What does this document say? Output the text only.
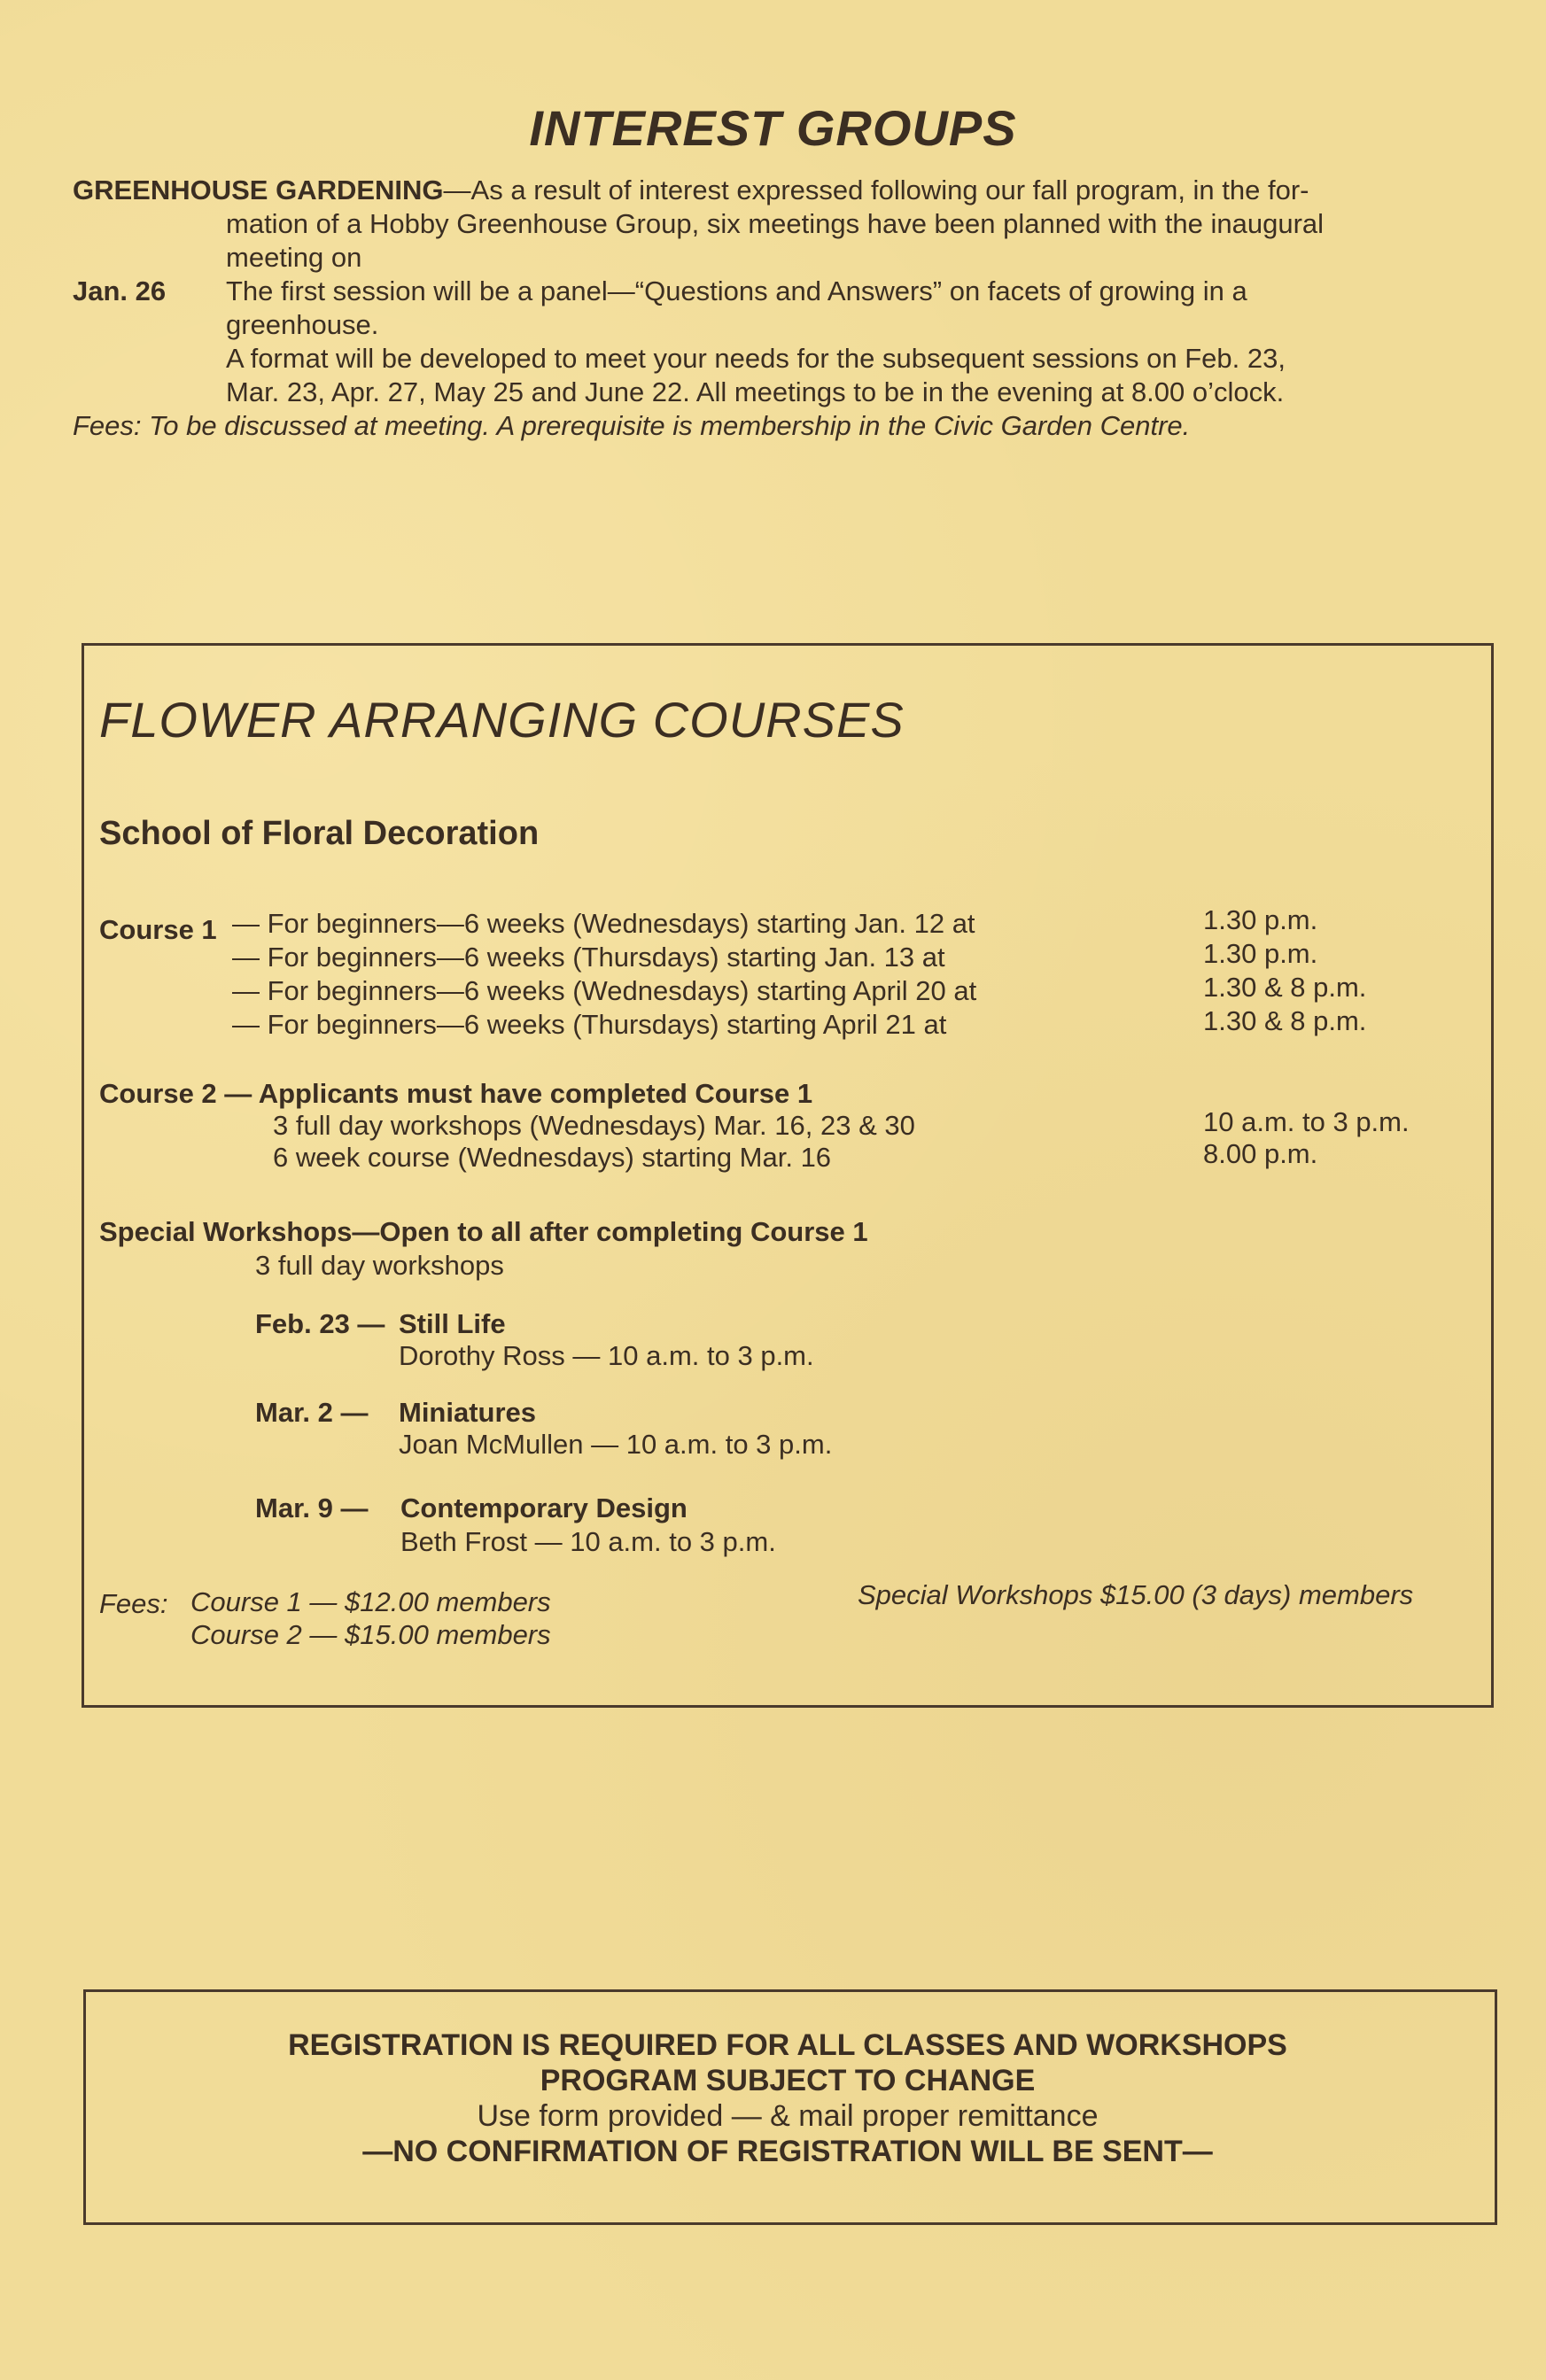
INTEREST GROUPS
GREENHOUSE GARDENING—As a result of interest expressed following our fall program, in the for-
mation of a Hobby Greenhouse Group, six meetings have been planned with the inaugural
meeting on
Jan. 26 The first session will be a panel—“Questions and Answers” on facets of growing in a
greenhouse.
A format will be developed to meet your needs for the subsequent sessions on Feb. 23,
Mar. 23, Apr. 27, May 25 and June 22. All meetings to be in the evening at 8.00 o’clock.
Fees: To be discussed at meeting. A prerequisite is membership in the Civic Garden Centre.
FLOWER ARRANGING COURSES
School of Floral Decoration
Course 1 — For beginners—6 weeks (Wednesdays) starting Jan. 12 at	1.30 p.m.
— For beginners—6 weeks (Thursdays) starting Jan. 13 at	1.30 p.m.
— For beginners—6 weeks (Wednesdays) starting April 20 at	1.30 & 8 p.m.
— For beginners—6 weeks (Thursdays) starting April 21 at	1.30 & 8 p.m.
Course 2 — Applicants must have completed Course 1
3 full day workshops (Wednesdays) Mar. 16, 23 & 30	10 a.m. to 3 p.m.
6 week course (Wednesdays) starting Mar. 16	8.00 p.m.
Special Workshops—Open to all after completing Course 1
3 full day workshops
Feb. 23 — Still Life
Dorothy Ross — 10 a.m. to 3 p.m.
Mar. 2 — Miniatures
Joan McMullen — 10 a.m. to 3 p.m.
Mar. 9 — Contemporary Design
Beth Frost — 10 a.m. to 3 p.m.
Fees: Course 1 — $12.00 members
Course 2 — $15.00 members
Special Workshops $15.00 (3 days) members
REGISTRATION IS REQUIRED FOR ALL CLASSES AND WORKSHOPS
PROGRAM SUBJECT TO CHANGE
Use form provided — & mail proper remittance
—NO CONFIRMATION OF REGISTRATION WILL BE SENT—
